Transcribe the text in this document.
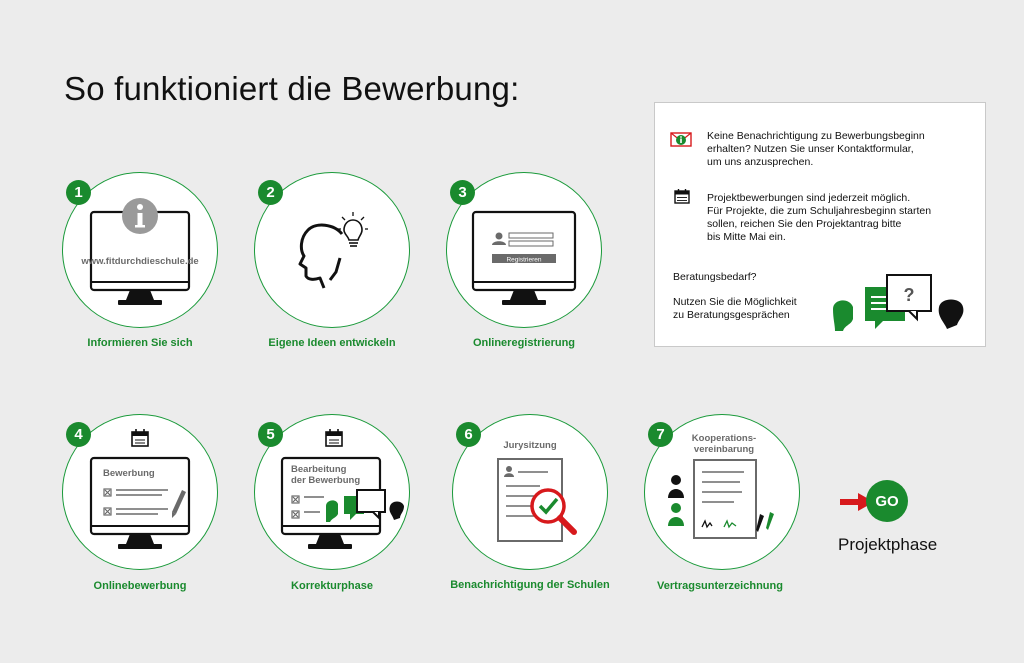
So funktioniert die Bewerbung:
1
www.fitdurchdieschule.de
Informieren Sie sich
2
Eigene Ideen entwickeln
3
Registrieren
Onlineregistrierung
4
Bewerbung
Onlinebewerbung
5
Bearbeitung
der Bewerbung
Korrekturphase
6
Jurysitzung
Benachrichtigung der Schulen
7	Kooperations-
vereinbarung
Vertragsunterzeichnung
GO
Projektphase
Keine Benachrichtigung zu Bewerbungsbeginn
erhalten? Nutzen Sie unser Kontaktformular,
um uns anzusprechen.
Projektbewerbungen sind jederzeit möglich.
Für Projekte, die zum Schuljahresbeginn starten
sollen, reichen Sie den Projektantrag bitte
bis Mitte Mai ein.
Beratungsbedarf?
Nutzen Sie die Möglichkeit
zu Beratungsgesprächen
?
